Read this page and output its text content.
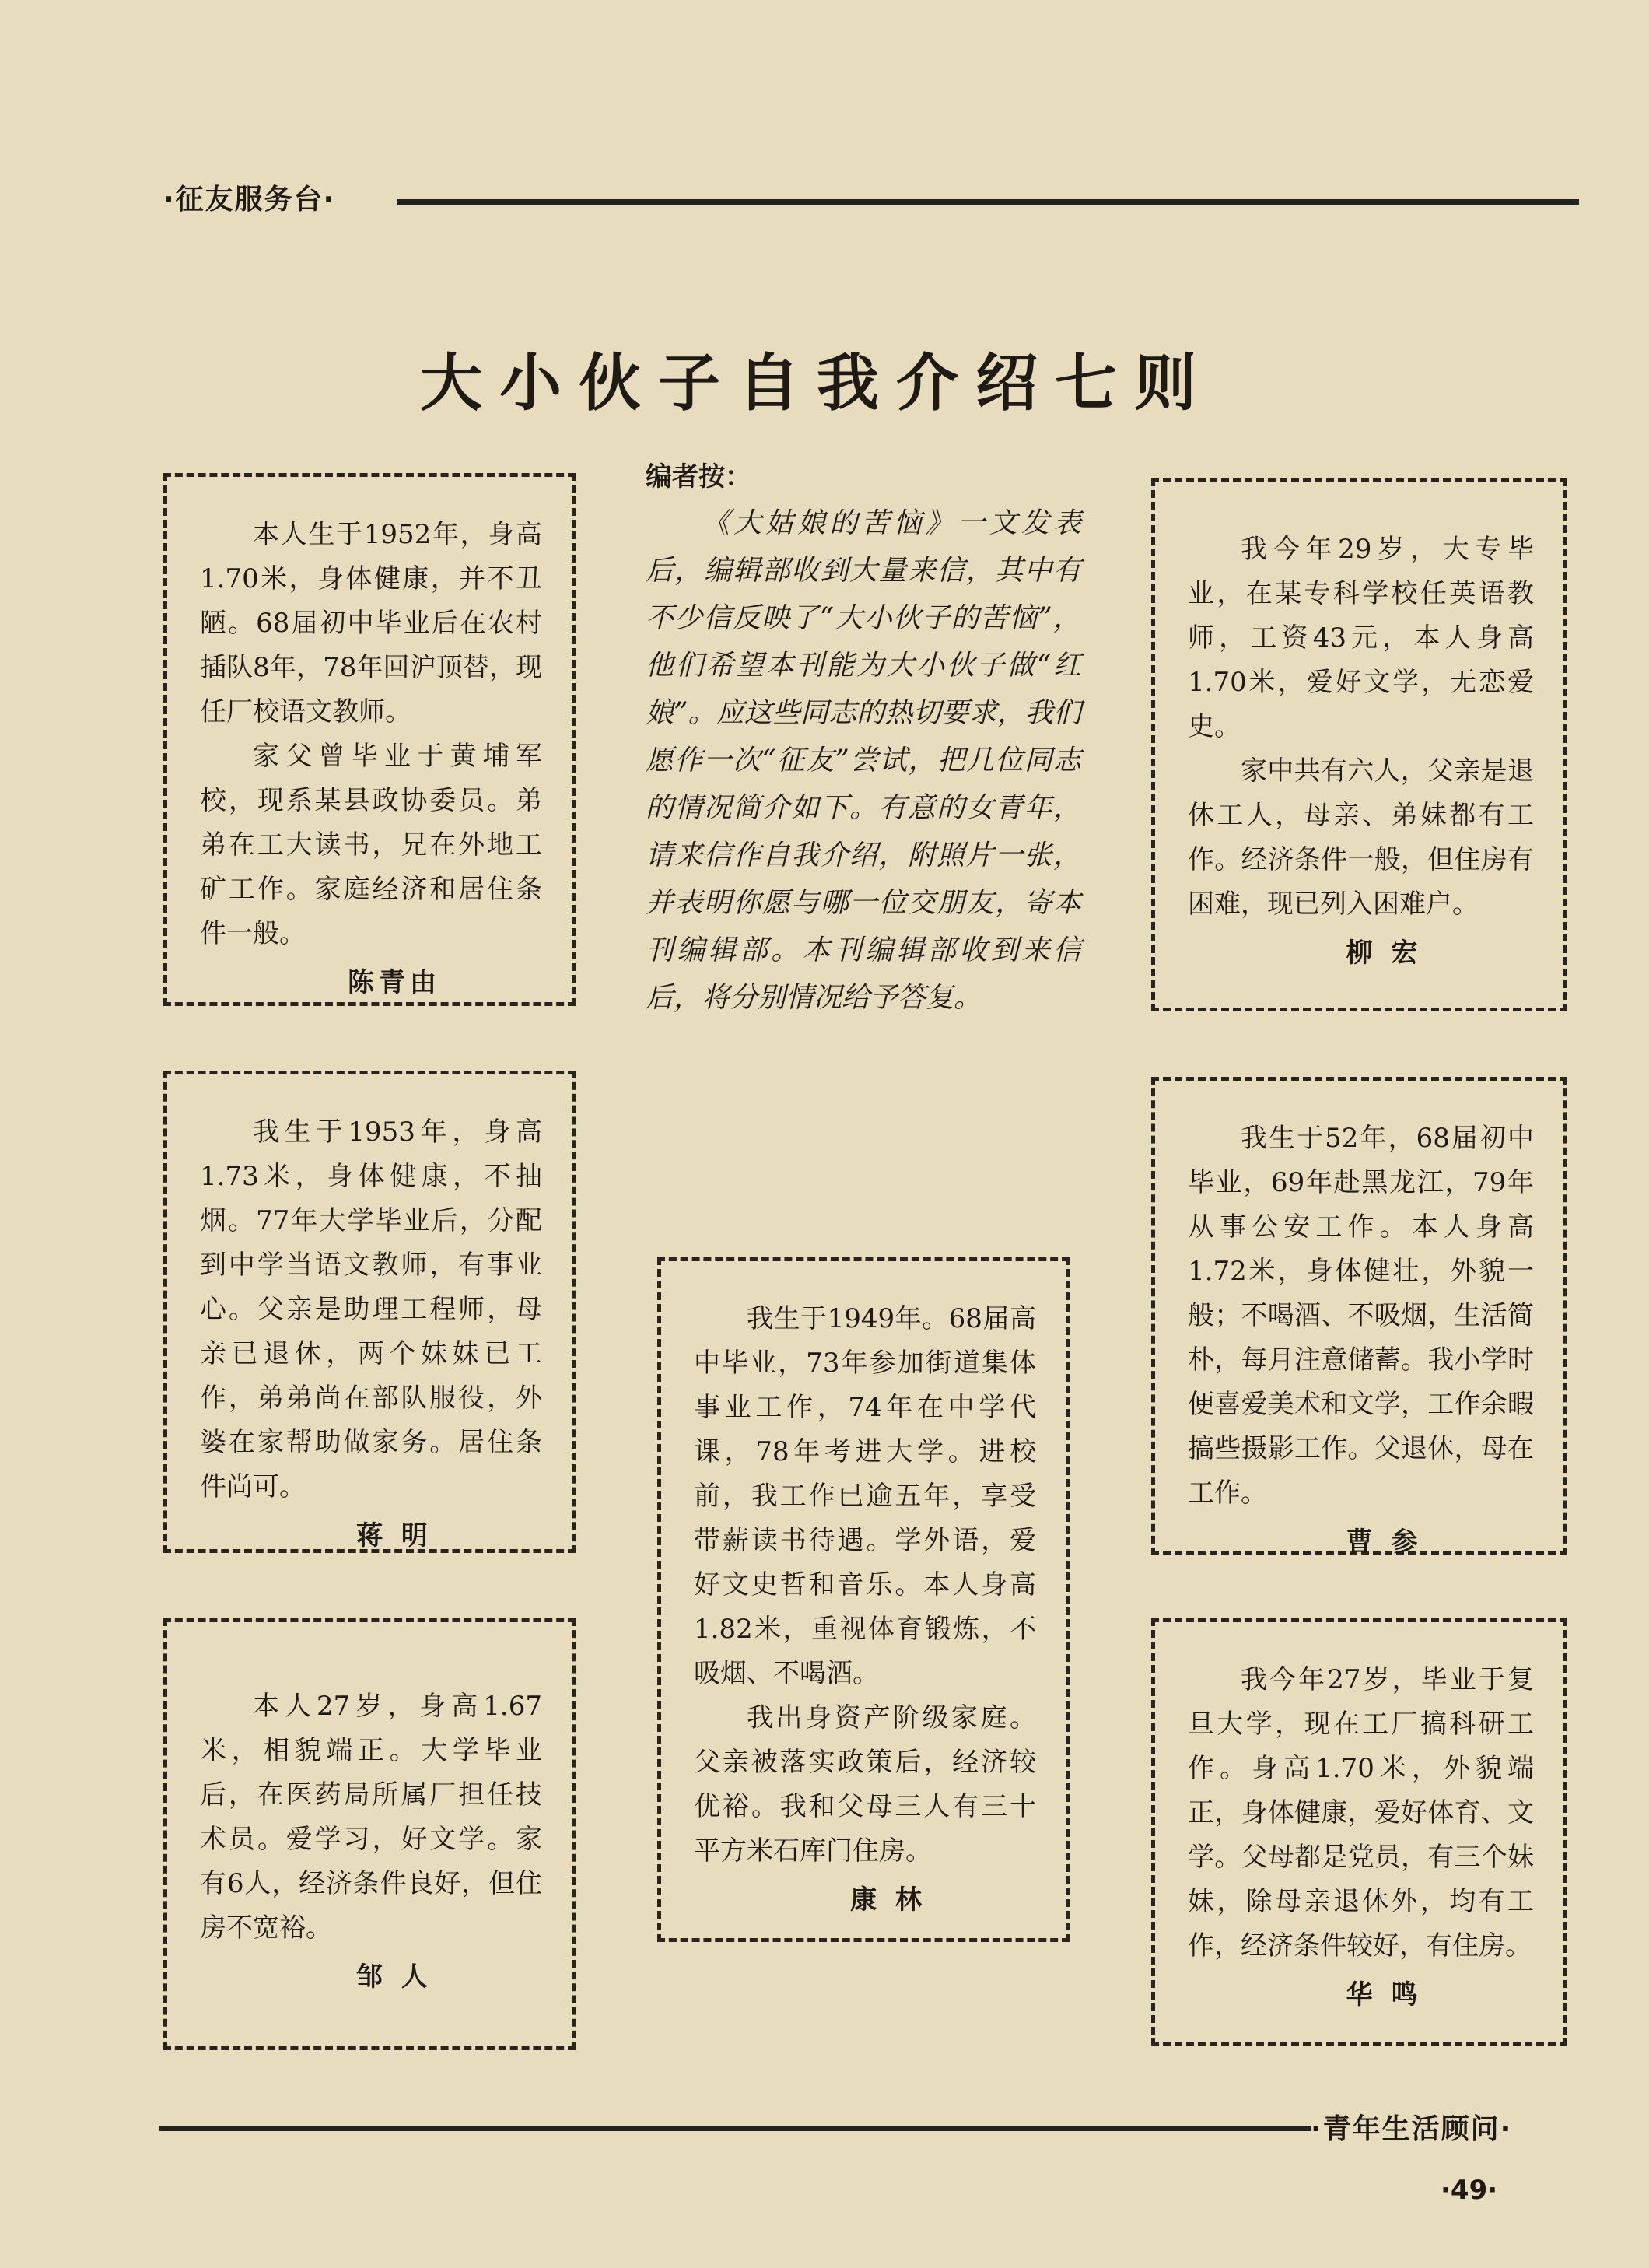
·征友服务台·
大小伙子自我介绍七则

本人生于1952年，身高1.70米，身体健康，并不丑陋。68届初中毕业后在农村插队8年，78年回沪顶替，现任厂校语文教师。

家父曾毕业于黄埔军校，现系某县政协委员。弟弟在工大读书，兄在外地工矿工作。家庭经济和居住条件一般。

陈青由

我生于1953年，身高1.73米，身体健康，不抽烟。77年大学毕业后，分配到中学当语文教师，有事业心。父亲是助理工程师，母亲已退休，两个妹妹已工作，弟弟尚在部队服役，外婆在家帮助做家务。居住条件尚可。

蒋 明

本人27岁，身高1.67米，相貌端正。大学毕业后，在医药局所属厂担任技术员。爱学习，好文学。家有6人，经济条件良好，但住房不宽裕。

邹 人
编者按：

《大姑娘的苦恼》一文发表后，编辑部收到大量来信，其中有不少信反映了“大小伙子的苦恼”，他们希望本刊能为大小伙子做“红娘”。应这些同志的热切要求，我们愿作一次“征友”尝试，把几位同志的情况简介如下。有意的女青年，请来信作自我介绍，附照片一张，并表明你愿与哪一位交朋友，寄本刊编辑部。本刊编辑部收到来信后，将分别情况给予答复。

我生于1949年。68届高中毕业，73年参加街道集体事业工作，74年在中学代课，78年考进大学。进校前，我工作已逾五年，享受带薪读书待遇。学外语，爱好文史哲和音乐。本人身高1.82米，重视体育锻炼，不吸烟、不喝酒。

我出身资产阶级家庭。父亲被落实政策后，经济较优裕。我和父母三人有三十平方米石库门住房。

康 林

我今年29岁，大专毕业，在某专科学校任英语教师，工资43元，本人身高1.70米，爱好文学，无恋爱史。

家中共有六人，父亲是退休工人，母亲、弟妹都有工作。经济条件一般，但住房有困难，现已列入困难户。

柳 宏

我生于52年，68届初中毕业，69年赴黑龙江，79年从事公安工作。本人身高1.72米，身体健壮，外貌一般；不喝酒、不吸烟，生活简朴，每月注意储蓄。我小学时便喜爱美术和文学，工作余暇搞些摄影工作。父退休，母在工作。

曹 参

我今年27岁，毕业于复旦大学，现在工厂搞科研工作。身高1.70米，外貌端正，身体健康，爱好体育、文学。父母都是党员，有三个妹妹，除母亲退休外，均有工作，经济条件较好，有住房。

华 鸣
·青年生活顾问·
·49·
